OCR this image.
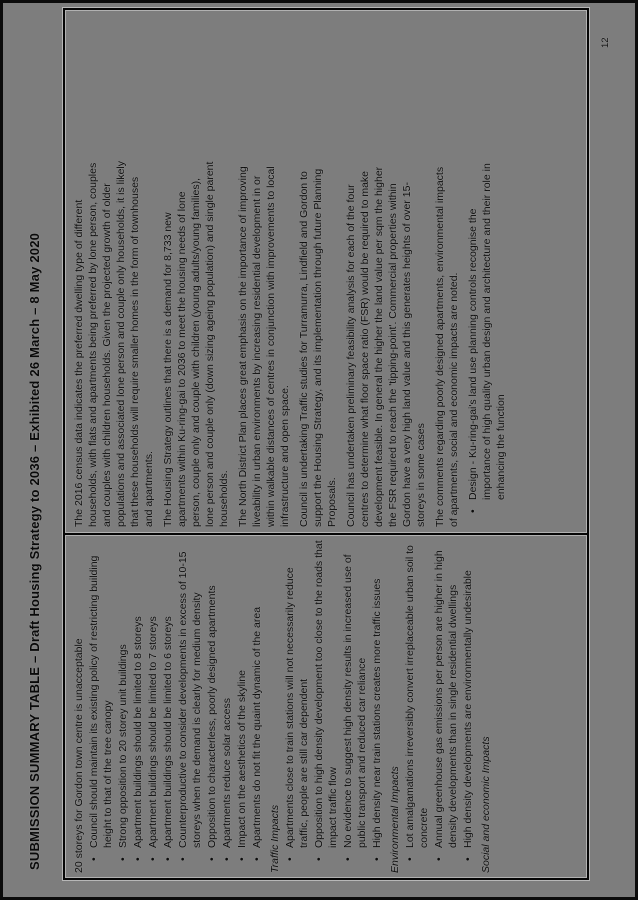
SUBMISSION SUMMARY TABLE – Draft Housing Strategy to 2036 – Exhibited 26 March – 8 May 2020	20 storeys for Gordon town centre is unacceptable •
Council should maintain its existing policy of restricting building height to that of the tree canopy
•
Strong opposition to 20 storey unit buildings
•
Apartment buildings should be limited to 8 storeys
•
Apartment buildings should be limited to 7 storeys
•
Apartment buildings should be limited to 6 storeys
•
Counterproductive to consider developments in excess of 10-15 storeys when the demand is clearly for medium density
•
Opposition to characterless, poorly designed apartments
•
Apartments reduce solar access
•
Impact on the aesthetics of the skyline
•
Apartments do not fit the quaint dynamic of the area Traffic Impacts •
Apartments close to train stations will not necessarily reduce traffic, people are still car dependent
•
Opposition to high density development too close to the roads that impact traffic flow
•
No evidence to suggest high density results in increased use of public transport and reduced car reliance
•
High density near train stations creates more traffic issues Environmental Impacts •
Lot amalgamations irreversibly convert irreplaceable urban soil to concrete
•
Annual greenhouse gas emissions per person are higher in high density developments than in single residential dwellings
•
High density developments are environmentally undesirable Social and economic Impacts
The 2016 census data indicates the preferred dwelling type of different households, with flats and apartments being preferred by lone person, couples and couples with children households. Given the projected growth of older populations and associated lone person and couple only households, it is likely that these households will require smaller homes in the form of townhouses and apartments. The Housing Strategy outlines that there is a demand for 8,733 new apartments within Ku-ring-gai to 2036 to meet the housing needs of lone person, couple only and couple with children (young adults/young families), lone person and couple only (down sizing ageing population) and single parent households. The North District Plan places great emphasis on the importance of improving liveability in urban environments by increasing residential development in or within walkable distances of centres in conjunction with improvements to local infrastructure and open space. Council is undertaking Traffic studies for Turramurra, Lindfield and Gordon to support the Housing Strategy, and its implementation through future Planning Proposals. Council has undertaken preliminary feasibility analysis for each of the four centres to determine what floor space ratio (FSR) would be required to make development feasible. In general the higher the land value per sqm the higher the FSR required to reach the 'tipping-point'. Commercial properties within Gordon have a very high land value and this generates heights of over 15-storeys in some cases The comments regarding poorly designed apartments, environmental impacts of apartments, social and economic impacts are noted. •
Design - Ku-ring-gai's land use planning controls recognise the importance of high quality urban design and architecture and their role in enhancing the function
12
